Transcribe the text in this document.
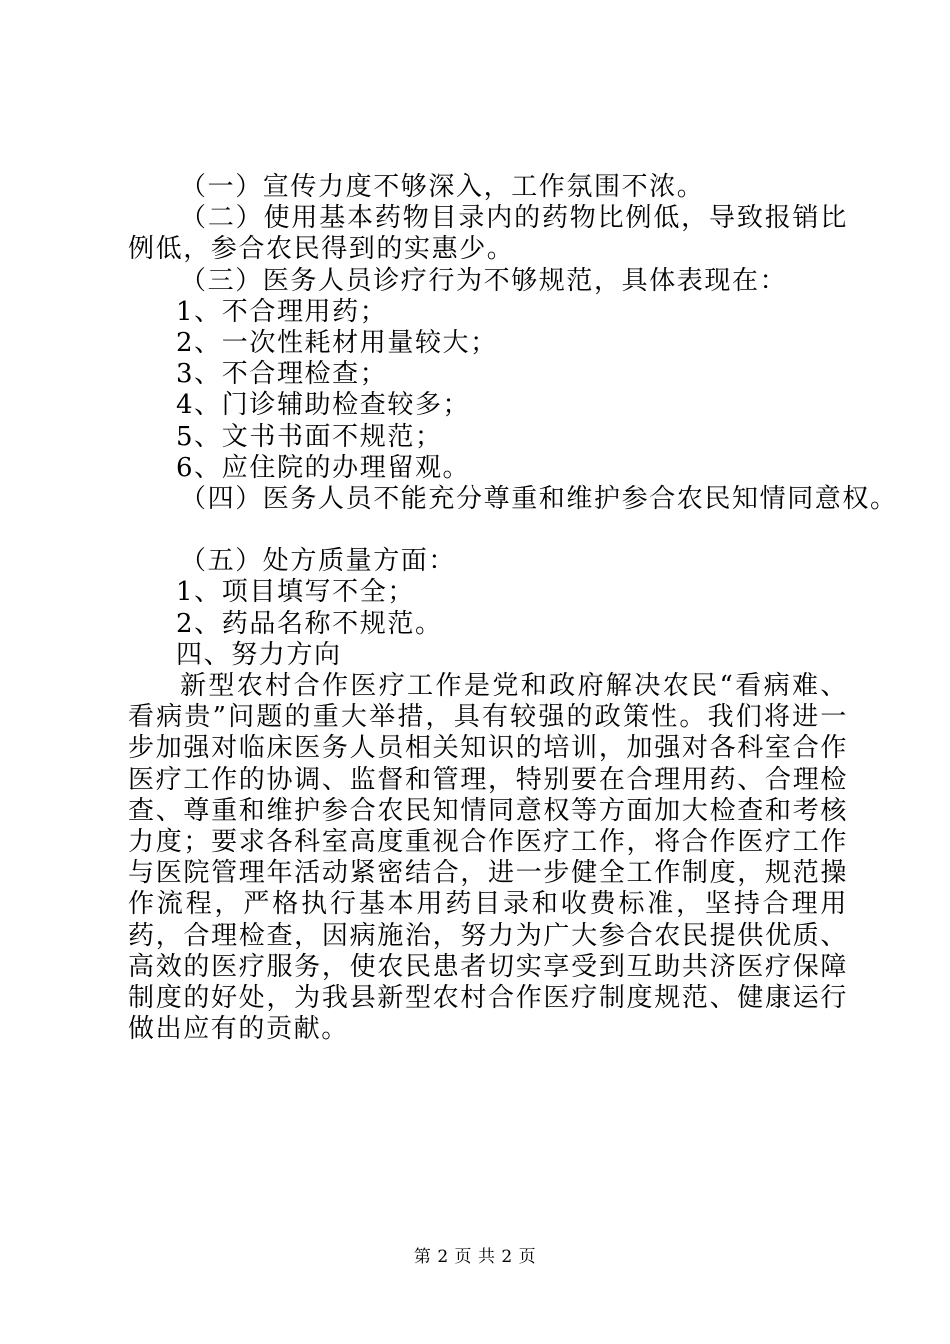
（一）宣传力度不够深入，工作氛围不浓。
（二）使用基本药物目录内的药物比例低，导致报销比例低，参合农民得到的实惠少。
（三）医务人员诊疗行为不够规范，具体表现在：
1、不合理用药；
2、一次性耗材用量较大；
3、不合理检查；
4、门诊辅助检查较多；
5、文书书面不规范；
6、应住院的办理留观。
（四）医务人员不能充分尊重和维护参合农民知情同意权。
（五）处方质量方面：
1、项目填写不全；
2、药品名称不规范。
四、努力方向
新型农村合作医疗工作是党和政府解决农民“看病难、看病贵”问题的重大举措，具有较强的政策性。我们将进一步加强对临床医务人员相关知识的培训，加强对各科室合作医疗工作的协调、监督和管理，特别要在合理用药、合理检查、尊重和维护参合农民知情同意权等方面加大检查和考核力度；要求各科室高度重视合作医疗工作，将合作医疗工作与医院管理年活动紧密结合，进一步健全工作制度，规范操作流程，严格执行基本用药目录和收费标准，坚持合理用药，合理检查，因病施治，努力为广大参合农民提供优质、高效的医疗服务，使农民患者切实享受到互助共济医疗保障制度的好处，为我县新型农村合作医疗制度规范、健康运行做出应有的贡献。
第 2 页 共 2 页
